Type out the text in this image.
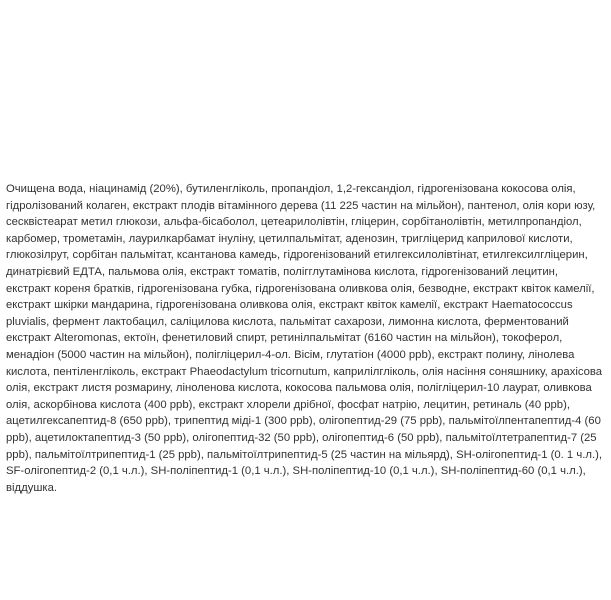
Очищена вода, ніацинамід (20%), бутиленгліколь, пропандіол, 1,2-гександіол, гідрогенізована кокосова олія, гідролізований колаген, екстракт плодів вітамінного дерева (11 225 частин на мільйон), пантенол, олія кори юзу, сесквістеарат метил глюкози, альфа-бісаболол, цетеарилолівтін, гліцерин, сорбітанолівтін, метилпропандіол, карбомер, трометамін, лаурилкарбамат інуліну, цетилпальмітат, аденозин, тригліцерид каприлової кислоти, глюкозілрут, сорбітан пальмітат, ксантанова камедь, гідрогенізований етилгексилолівтінат, етилгексилгліцерин, динатрієвий ЕДТА, пальмова олія, екстракт томатів, полігглутамінова кислота, гідрогенізований лецитин, екстракт кореня братків, гідрогенізована губка, гідрогенізована оливкова олія, безводне, екстракт квіток камелії, екстракт шкірки мандарина, гідрогенізована оливкова олія, екстракт квіток камелії, екстракт Haematococcus pluvialis, фермент лактобацил, саліцилова кислота, пальмітат сахарози, лимонна кислота, ферментований екстракт Alteromonas, ектоїн, фенетиловий спирт, ретинілпальмітат (6160 частин на мільйон), токоферол, менадіон (5000 частин на мільйон), полігліцерил-4-ол. Вісім, глутатіон (4000 ppb), екстракт полину, лінолева кислота, пентіленгліколь, екстракт Phaeodactylum tricornutum, каприлілгліколь, олія насіння соняшнику, арахісова олія, екстракт листя розмарину, ліноленова кислота, кокосова пальмова олія, полігліцерил-10 лаурат, оливкова олія, аскорбінова кислота (400 ppb), екстракт хлорели дрібної, фосфат натрію, лецитин, ретиналь (40 ppb), ацетилгексапептид-8 (650 ppb), трипептид міді-1 (300 ppb), олігопептид-29 (75 ppb), пальмітоїлпентапептид-4 (60 ppb), ацетилоктапептид-3 (50 ppb), олігопептид-32 (50 ppb), олігопептид-6 (50 ppb), пальмітоїлтетрапептид-7 (25 ppb), пальмітоїлтрипептид-1 (25 ppb), пальмітоїлтрипептид-5 (25 частин на мільярд), SH-олігопептид-1 (0. 1 ч.л.), SF-олігопептид-2 (0,1 ч.л.), SH-поліпептид-1 (0,1 ч.л.), SH-поліпептид-10 (0,1 ч.л.), SH-поліпептид-60 (0,1 ч.л.), віддушка.
